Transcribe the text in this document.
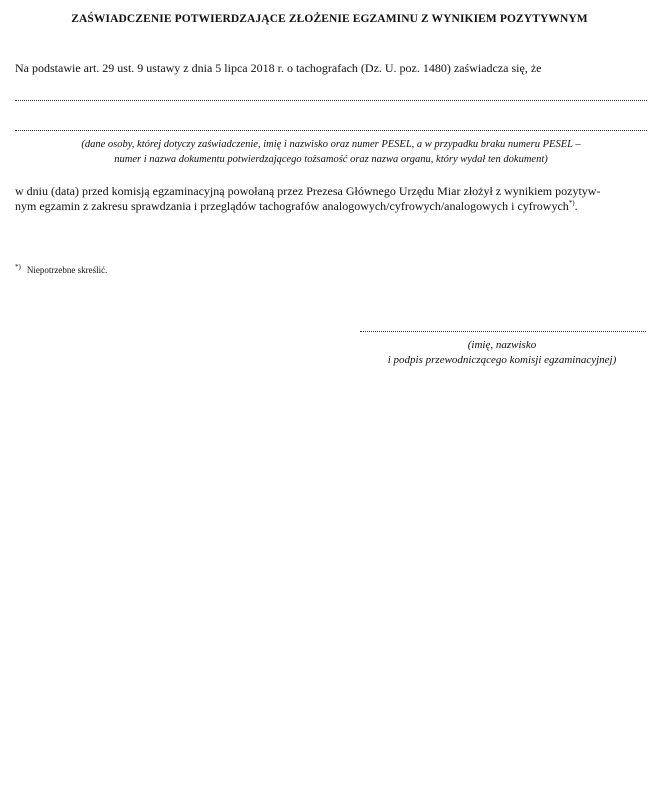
ZAŚWIADCZENIE POTWIERDZAJĄCE ZŁOŻENIE EGZAMINU Z WYNIKIEM POZYTYWNYM
Na podstawie art. 29 ust. 9 ustawy z dnia 5 lipca 2018 r. o tachografach (Dz. U. poz. 1480) zaświadcza się, że
(dane osoby, której dotyczy zaświadczenie, imię i nazwisko oraz numer PESEL, a w przypadku braku numeru PESEL –
numer i nazwa dokumentu potwierdzającego tożsamość oraz nazwa organu, który wydał ten dokument)
w dniu (data) przed komisją egzaminacyjną powołaną przez Prezesa Głównego Urzędu Miar złożył z wynikiem pozytyw-
nym egzamin z zakresu sprawdzania i przeglądów tachografów analogowych/cyfrowych/analogowych i cyfrowych*).
*) Niepotrzebne skreślić.
(imię, nazwisko
i podpis przewodniczącego komisji egzaminacyjnej)
